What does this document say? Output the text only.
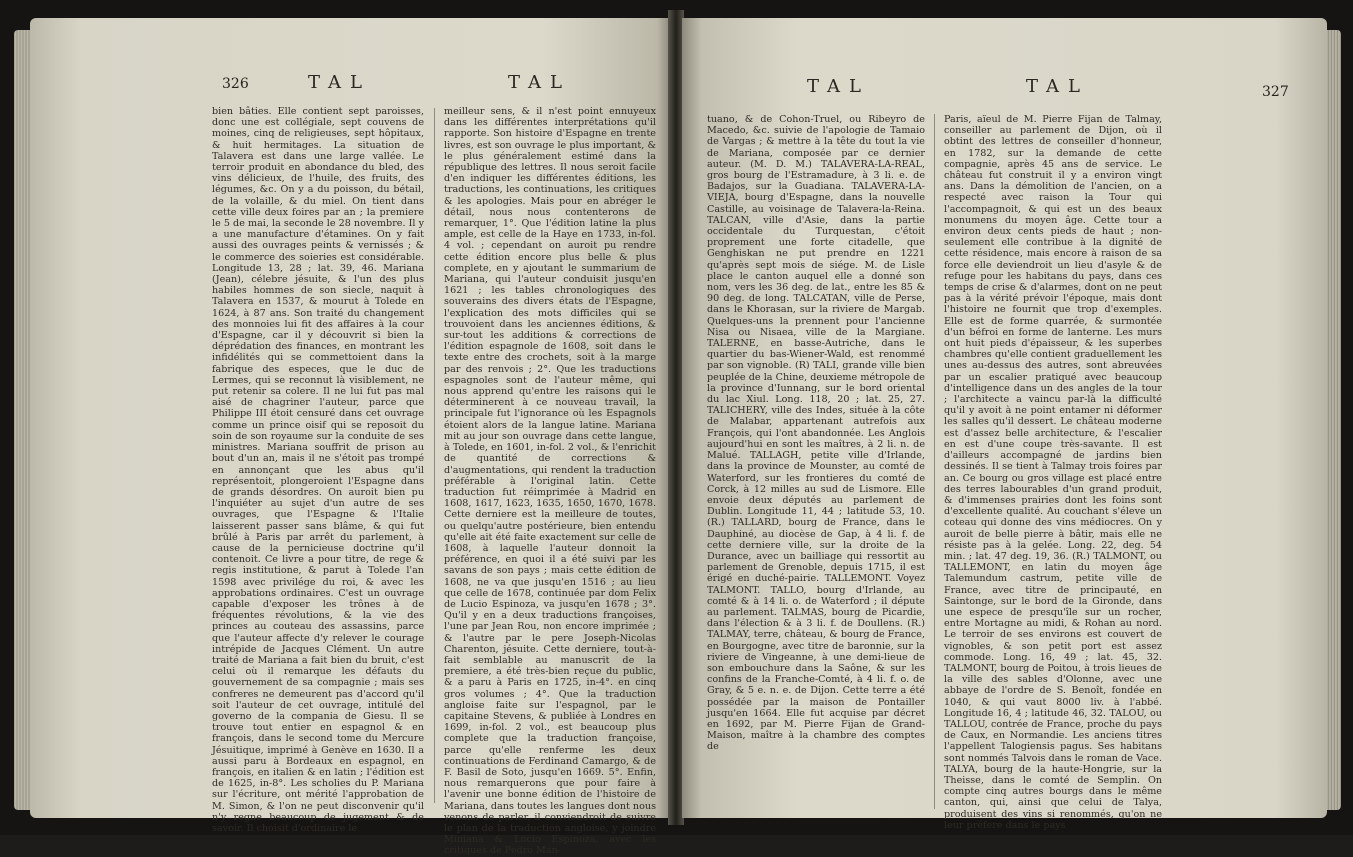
326	TAL	TAL
bien bâties. Elle contient sept paroisses, donc une est collégiale, sept couvens de moines, cinq de religieuses, sept hôpitaux, & huit hermitages. La situation de Talavera est dans une large vallée. Le terroir produit en abondance du bled, des vins délicieux, de l'huile, des fruits, des légumes, &c. On y a du poisson, du bétail, de la volaille, & du miel. On tient dans cette ville deux foires par an ; la premiere le 5 de mai, la seconde le 28 novembre. Il y a une manufacture d'étamines. On y fait aussi des ouvrages peints & vernissés ; & le commerce des soieries est considérable. Longitude 13, 28 ; lat. 39, 46. Mariana (Jean), célebre jésuite, & l'un des plus habiles hommes de son siecle, naquit à Talavera en 1537, & mourut à Tolede en 1624, à 87 ans. Son traité du changement des monnoies lui fit des affaires à la cour d'Espagne, car il y découvrit si bien la déprédation des finances, en montrant les infidélités qui se commettoient dans la fabrique des especes, que le duc de Lermes, qui se reconnut là visiblement, ne put retenir sa colere. Il ne lui fut pas mal aisé de chagriner l'auteur, parce que Philippe III étoit censuré dans cet ouvrage comme un prince oisif qui se reposoit du soin de son royaume sur la conduite de ses ministres. Mariana souffrit de prison au bout d'un an, mais il ne s'étoit pas trompé en annonçant que les abus qu'il représentoit, plongeroient l'Espagne dans de grands désordres. On auroit bien pu l'inquiéter au sujet d'un autre de ses ouvrages, que l'Espagne & l'Italie laisserent passer sans blâme, & qui fut brûlé à Paris par arrêt du parlement, à cause de la pernicieuse doctrine qu'il contenoit. Ce livre a pour titre, de rege & regis institutione, & parut à Tolede l'an 1598 avec privilége du roi, & avec les approbations ordinaires. C'est un ouvrage capable d'exposer les trônes à de fréquentes révolutions, & la vie des princes au couteau des assassins, parce que l'auteur affecte d'y relever le courage intrépide de Jacques Clément. Un autre traité de Mariana a fait bien du bruit, c'est celui où il remarque les défauts du gouvernement de sa compagnie ; mais ses confreres ne demeurent pas d'accord qu'il soit l'auteur de cet ouvrage, intitulé del governo de la compania de Giesu. Il se trouve tout entier en espagnol & en françois, dans le second tome du Mercure Jésuitique, imprimé à Genève en 1630. Il a aussi paru à Bordeaux en espagnol, en françois, en italien & en latin ; l'édition est de 1625, in-8°. Les scholies du P. Mariana sur l'écriture, ont mérité l'approbation de M. Simon, & l'on ne peut disconvenir qu'il n'y regne beaucoup de jugement & de savoir. Il choisit d'ordinaire le
meilleur sens, & il n'est point ennuyeux dans les différentes interprétations qu'il rapporte. Son histoire d'Espagne en trente livres, est son ouvrage le plus important, & le plus généralement estimé dans la république des lettres. Il nous seroit facile d'en indiquer les différentes éditions, les traductions, les continuations, les critiques & les apologies. Mais pour en abréger le détail, nous nous contenterons de remarquer, 1°. Que l'édition latine la plus ample, est celle de la Haye en 1733, in-fol. 4 vol. ; cependant on auroit pu rendre cette édition encore plus belle & plus complete, en y ajoutant le summarium de Mariana, qui l'auteur conduisit jusqu'en 1621 ; les tables chronologiques des souverains des divers états de l'Espagne, l'explication des mots difficiles qui se trouvoient dans les anciennes éditions, & sur-tout les additions & corrections de l'édition espagnole de 1608, soit dans le texte entre des crochets, soit à la marge par des renvois ; 2°. Que les traductions espagnoles sont de l'auteur même, qui nous apprend qu'entre les raisons qui le déterminerent à ce nouveau travail, la principale fut l'ignorance où les Espagnols étoient alors de la langue latine. Mariana mit au jour son ouvrage dans cette langue, à Tolede, en 1601, in-fol. 2 vol., & l'enrichit de quantité de corrections & d'augmentations, qui rendent la traduction préférable à l'original latin. Cette traduction fut réimprimée à Madrid en 1608, 1617, 1623, 1635, 1650, 1670, 1678. Cette derniere est la meilleure de toutes, ou quelqu'autre postérieure, bien entendu qu'elle ait été faite exactement sur celle de 1608, à laquelle l'auteur donnoit la préférence, en quoi il a été suivi par les savans de son pays ; mais cette édition de 1608, ne va que jusqu'en 1516 ; au lieu que celle de 1678, continuée par dom Felix de Lucio Espinoza, va jusqu'en 1678 ; 3°. Qu'il y en a deux traductions françoises, l'une par Jean Rou, non encore imprimée ; & l'autre par le pere Joseph-Nicolas Charenton, jésuite. Cette derniere, tout-à-fait semblable au manuscrit de la premiere, a été très-bien reçue du public, & a paru à Paris en 1725, in-4°. en cinq gros volumes ; 4°. Que la traduction angloise faite sur l'espagnol, par le capitaine Stevens, & publiée à Londres en 1699, in-fol. 2 vol., est beaucoup plus complete que la traduction françoise, parce qu'elle renferme les deux continuations de Ferdinand Camargo, & de F. Basil de Soto, jusqu'en 1669. 5°. Enfin, nous remarquerons que pour faire à l'avenir une bonne édition de l'histoire de Mariana, dans toutes les langues dont nous venons de parler, il conviendroit de suivre le plan de la traduction angloise, y joindre Miniana & Lucio Espinoza, avec les critiques de Pedro Man-
TAL	TAL	327
tuano, & de Cohon-Truel, ou Ribeyro de Macedo, &c. suivie de l'apologie de Tamaio de Vargas ; & mettre à la tête du tout la vie de Mariana, composée par ce dernier auteur. (M. D. M.) TALAVERA-LA-REAL, gros bourg de l'Estramadure, à 3 li. e. de Badajos, sur la Guadiana. TALAVERA-LA-VIEJA, bourg d'Espagne, dans la nouvelle Castille, au voisinage de Talavera-la-Reina. TALCAN, ville d'Asie, dans la partie occidentale du Turquestan, c'étoit proprement une forte citadelle, que Genghiskan ne put prendre en 1221 qu'après sept mois de siége. M. de Lisle place le canton auquel elle a donné son nom, vers les 36 deg. de lat., entre les 85 & 90 deg. de long. TALCATAN, ville de Perse, dans le Khorasan, sur la riviere de Margab. Quelques-uns la prennent pour l'ancienne Nisa ou Nisaea, ville de la Margiane. TALERNE, en basse-Autriche, dans le quartier du bas-Wiener-Wald, est renommé par son vignoble. (R) TALI, grande ville bien peuplée de la Chine, deuxieme métropole de la province d'Iunnang, sur le bord oriental du lac Xiul. Long. 118, 20 ; lat. 25, 27. TALICHERY, ville des Indes, située à la côte de Malabar, appartenant autrefois aux François, qui l'ont abandonnée. Les Anglois aujourd'hui en sont les maîtres, à 2 li. n. de Malué. TALLAGH, petite ville d'Irlande, dans la province de Mounster, au comté de Waterford, sur les frontieres du comté de Corck, à 12 milles au sud de Lismore. Elle envoie deux députés au parlement de Dublin. Longitude 11, 44 ; latitude 53, 10. (R.) TALLARD, bourg de France, dans le Dauphiné, au diocèse de Gap, à 4 li. f. de cette derniere ville, sur la droite de la Durance, avec un bailliage qui ressortit au parlement de Grenoble, depuis 1715, il est érigé en duché-pairie. TALLEMONT. Voyez TALMONT. TALLO, bourg d'Irlande, au comté & à 14 li. o. de Waterford ; il députe au parlement. TALMAS, bourg de Picardie, dans l'élection & à 3 li. f. de Doullens. (R.) TALMAY, terre, château, & bourg de France, en Bourgogne, avec titre de baronnie, sur la riviere de Vingeanne, à une demi-lieue de son embouchure dans la Saône, & sur les confins de la Franche-Comté, à 4 li. f. o. de Gray, & 5 e. n. e. de Dijon. Cette terre a été possédée par la maison de Pontailler jusqu'en 1664. Elle fut acquise par décret en 1692, par M. Pierre Fijan de Grand-Maison, maître à la chambre des comptes de
Paris, aïeul de M. Pierre Fijan de Talmay, conseiller au parlement de Dijon, où il obtint des lettres de conseiller d'honneur, en 1782, sur la demande de cette compagnie, après 45 ans de service. Le château fut construit il y a environ vingt ans. Dans la démolition de l'ancien, on a respecté avec raison la Tour qui l'accompagnoit, & qui est un des beaux monumens du moyen âge. Cette tour a environ deux cents pieds de haut ; non-seulement elle contribue à la dignité de cette résidence, mais encore à raison de sa force elle deviendroit un lieu d'asyle & de refuge pour les habitans du pays, dans ces temps de crise & d'alarmes, dont on ne peut pas à la vérité prévoir l'époque, mais dont l'histoire ne fournit que trop d'exemples. Elle est de forme quarrée, & surmontée d'un béfroi en forme de lanterne. Les murs ont huit pieds d'épaisseur, & les superbes chambres qu'elle contient graduellement les unes au-dessus des autres, sont abreuvées par un escalier pratiqué avec beaucoup d'intelligence dans un des angles de la tour ; l'architecte a vaincu par-là la difficulté qu'il y avoit à ne point entamer ni déformer les salles qu'il dessert. Le château moderne est d'assez belle architecture, & l'escalier en est d'une coupe très-savante. Il est d'ailleurs accompagné de jardins bien dessinés. Il se tient à Talmay trois foires par an. Ce bourg ou gros village est placé entre des terres labourables d'un grand produit, & d'immenses prairies dont les foins sont d'excellente qualité. Au couchant s'éleve un coteau qui donne des vins médiocres. On y auroit de belle pierre à bâtir, mais elle ne résiste pas à la gelée. Long. 22, deg. 54 min. ; lat. 47 deg. 19, 36. (R.) TALMONT, ou TALLEMONT, en latin du moyen âge Talemundum castrum, petite ville de France, avec titre de principauté, en Saintonge, sur le bord de la Gironde, dans une espece de presqu'île sur un rocher, entre Mortagne au midi, & Rohan au nord. Le terroir de ses environs est couvert de vignobles, & son petit port est assez commode. Long. 16, 49 ; lat. 45, 32. TALMONT, bourg de Poitou, à trois lieues de la ville des sables d'Olonne, avec une abbaye de l'ordre de S. Benoît, fondée en 1040, & qui vaut 8000 liv. à l'abbé. Longitude 16, 4 ; latitude 46, 32. TALOU, ou TALLOU, contrée de France, proche du pays de Caux, en Normandie. Les anciens titres l'appellent Talogiensis pagus. Ses habitans sont nommés Talvois dans le roman de Vace. TALYA, bourg de la haute-Hongrie, sur la Theisse, dans le comté de Semplin. On compte cinq autres bourgs dans le même canton, qui, ainsi que celui de Talya, produisent des vins si renommés, qu'on ne leur préfere dans le pays
